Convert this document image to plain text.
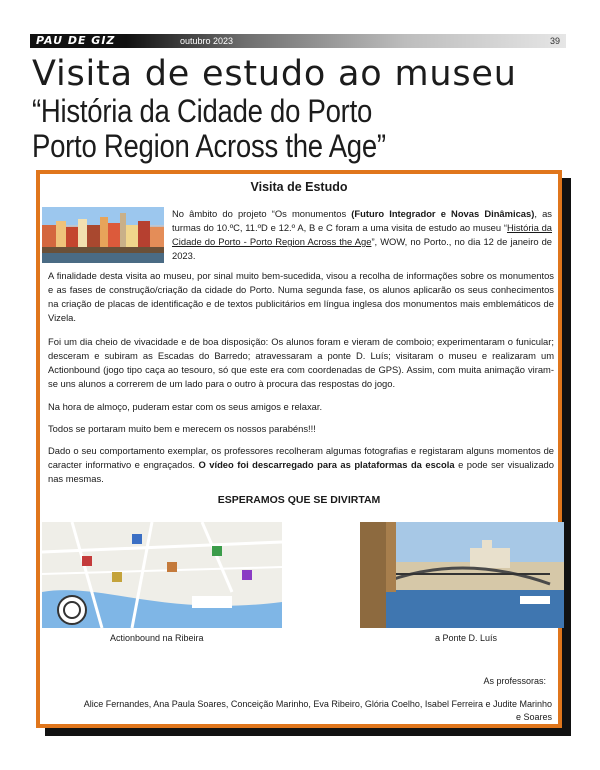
PAU DE GIZ	outubro 2023	39
Visita de estudo ao museu
“História da Cidade do Porto
Porto Region Across the Age”
Visita de Estudo

No âmbito do projeto “Os monumentos (Futuro Integrador e Novas Dinâmicas), as turmas do 10.ºC, 11.ºD e 12.º A, B e C foram a uma visita de estudo ao museu “História da Cidade do Porto - Porto Region Across the Age”, WOW, no Porto., no dia 12 de janeiro de 2023.

A finalidade desta visita ao museu, por sinal muito bem-sucedida, visou a recolha de informações sobre os monumentos e as fases de construção/criação da cidade do Porto. Numa segunda fase, os alunos aplicarão os seus conhecimentos na criação de placas de identificação e de textos publicitários em língua inglesa dos monumentos mais emblemáticos de Vizela.

Foi um dia cheio de vivacidade e de boa disposição: Os alunos foram e vieram de comboio; experimentaram o funicular; desceram e subiram as Escadas do Barredo; atravessaram a ponte D. Luís; visitaram o museu e realizaram um Actionbound (jogo tipo caça ao tesouro, só que este era com coordenadas de GPS). Assim, com muita animação viram-se uns alunos a correrem de um lado para o outro à procura das respostas do jogo.

Na hora de almoço, puderam estar com os seus amigos e relaxar.

Todos se portaram muito bem e merecem os nossos parabéns!!!

Dado o seu comportamento exemplar, os professores recolheram algumas fotografias e registaram alguns momentos de caracter informativo e engraçados. O vídeo foi descarregado para as plataformas da escola e pode ser visualizado nas mesmas.

ESPERAMOS QUE SE DIVIRTAM
Actionbound na Ribeira	a Ponte D. Luís
As professoras:
Alice Fernandes, Ana Paula Soares, Conceição Marinho, Eva Ribeiro, Glória Coelho, Isabel Ferreira e Judite Marinho e Soares
